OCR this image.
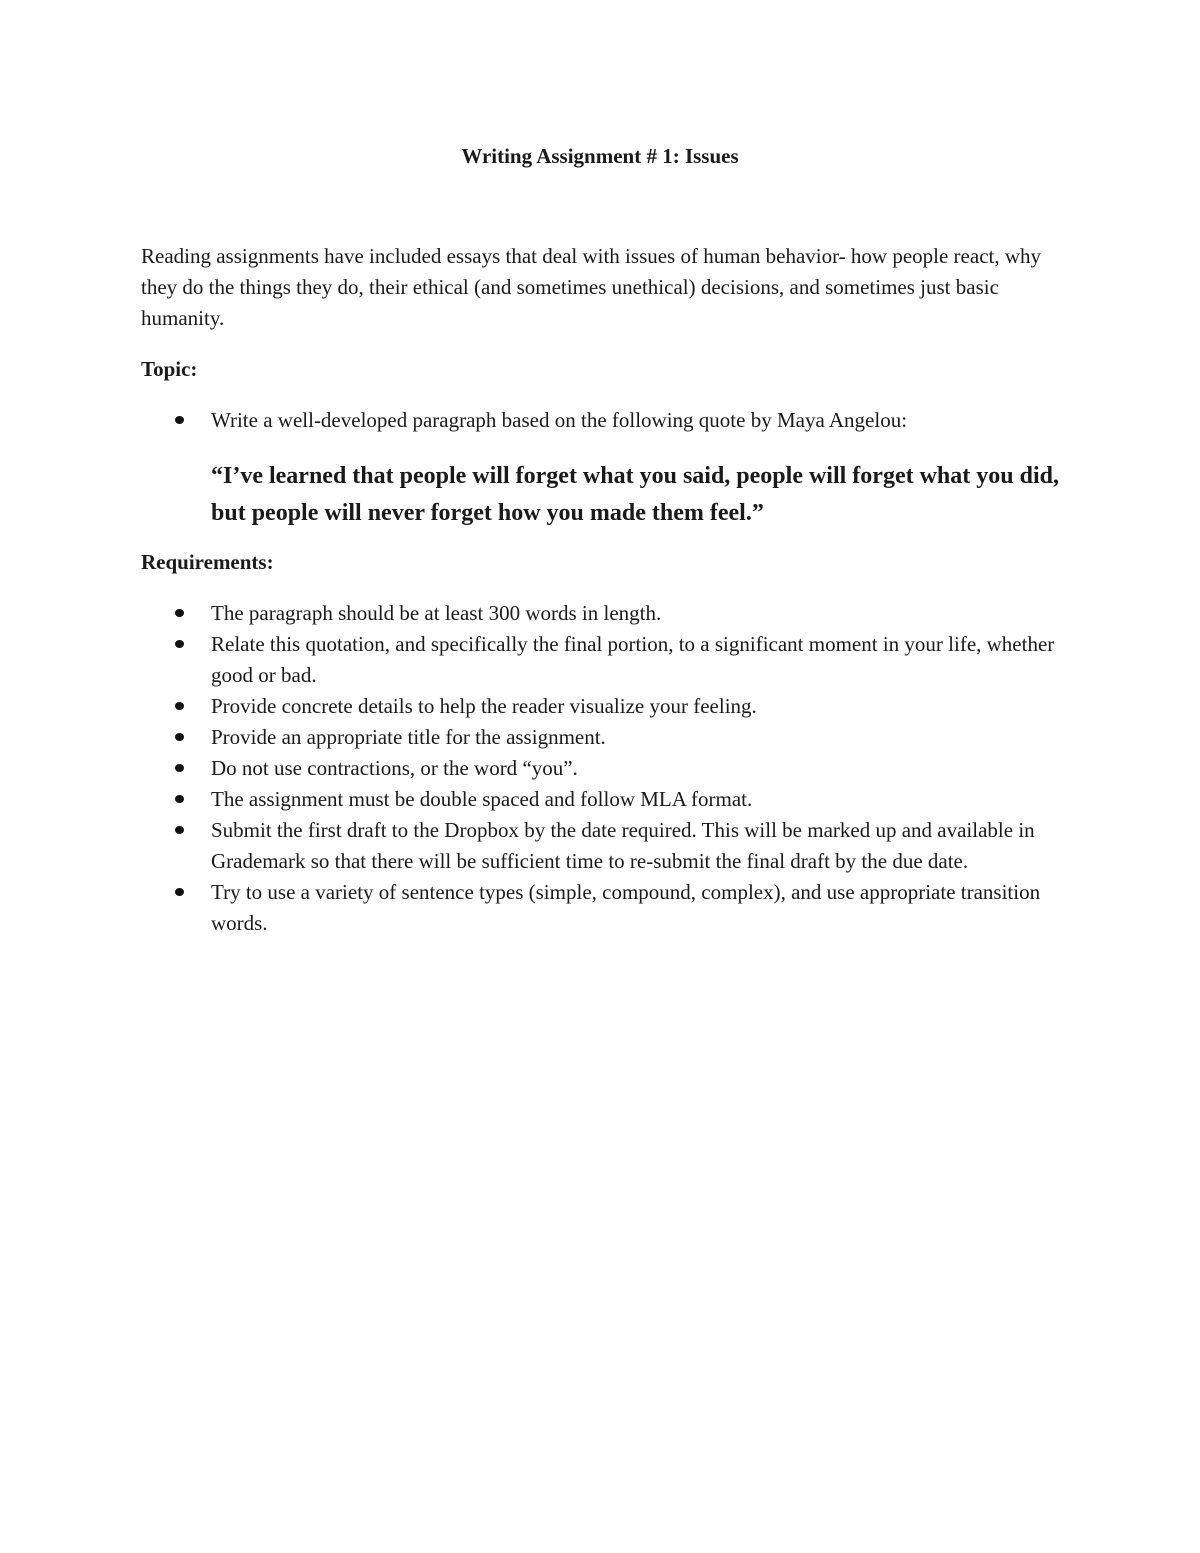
Writing Assignment # 1: Issues

Reading assignments have included essays that deal with issues of human behavior- how people react, why they do the things they do, their ethical (and sometimes unethical) decisions, and sometimes just basic humanity.

Topic:

Write a well-developed paragraph based on the following quote by Maya Angelou:

“I’ve learned that people will forget what you said, people will forget what you did, but people will never forget how you made them feel.”

Requirements:

The paragraph should be at least 300 words in length.
Relate this quotation, and specifically the final portion, to a significant moment in your life, whether good or bad.
Provide concrete details to help the reader visualize your feeling.
Provide an appropriate title for the assignment.
Do not use contractions, or the word “you”.
The assignment must be double spaced and follow MLA format.
Submit the first draft to the Dropbox by the date required. This will be marked up and available in Grademark so that there will be sufficient time to re-submit the final draft by the due date.
Try to use a variety of sentence types (simple, compound, complex), and use appropriate transition words.
